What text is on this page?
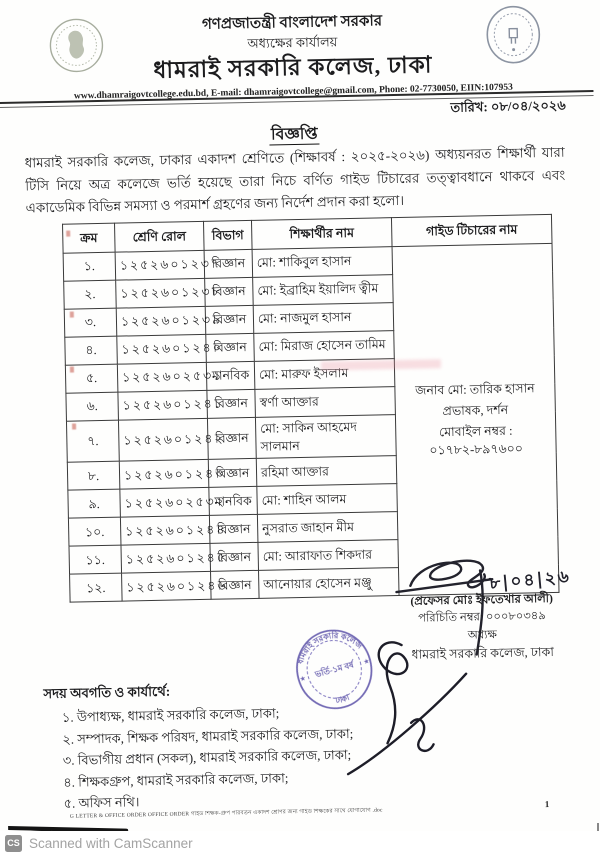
গণপ্রজাতন্ত্রী বাংলাদেশ সরকার
অধ্যক্ষের কার্যালয়
ধামরাই সরকারি কলেজ, ঢাকা
www.dhamraigovtcollege.edu.bd, E-mail: dhamraigovtcollege@gmail.com, Phone: 02-7730050, EIIN:107953
তারিখ: ০৮/০৪/২০২৬
বিজ্ঞপ্তি
ধামরাই সরকারি কলেজ, ঢাকার একাদশ শ্রেণিতে (শিক্ষাবর্ষ : ২০২৫-২০২৬) অধ্যয়নরত শিক্ষার্থী যারা টিসি নিয়ে অত্র কলেজে ভর্তি হয়েছে তারা নিচে বর্ণিত গাইড টিচারের তত্ত্বাবধানে থাকবে এবং একাডেমিক বিভিন্ন সমস্যা ও পরমার্শ গ্রহণের জন্য নির্দেশ প্রদান করা হলো।
ক্রম	শ্রেণি রোল	বিভাগ	শিক্ষার্থীর নাম	গাইড টিচারের নাম
১.	১২৫২৬০১২৩৭	বিজ্ঞান	মো: শাকিবুল হাসান	জনাব মো: তারিক হাসান
প্রভাষক, দর্শন
মোবাইল নম্বর : ০১৭৮২-৮৯৭৬০০

২.	১২৫২৬০১২৩৮	বিজ্ঞান	মো: ইব্রাহিম ইয়ালিদ ত্বীম	
৩.	১২৫২৬০১২৩৯	বিজ্ঞান	মো: নাজমুল হাসান	
৪.	১২৫২৬০১২৪০	বিজ্ঞান	মো: মিরাজ হোসেন তামিম	
৫.	১২৫২৬০২৫৩১	মানবিক	মো: মারুফ ইসলাম	
৬.	১২৫২৬০১২৪১	বিজ্ঞান	স্বর্ণা আক্তার	
৭.	১২৫২৬০১২৪২	বিজ্ঞান	মো: সাকিন আহমেদ সালমান	
৮.	১২৫২৬০১২৪৩	বিজ্ঞান	রহিমা আক্তার	
৯.	১২৫২৬০২৫৩২	মানবিক	মো: শাহিন আলম	
১০.	১২৫২৬০১২৪৪	বিজ্ঞান	নুসরাত জাহান মীম	
১১.	১২৫২৬০১২৪৫	বিজ্ঞান	মো: আরাফাত শিকদার	
১২.	১২৫২৬০১২৪৬	বিজ্ঞান	আনোয়ার হোসেন মঞ্জু		৮|০৪|২৬
(প্রফেসর মোঃ ইফতেখার আলী)
পরিচিতি নম্বর: ০০০৮০৩৪৯
অধ্যক্ষ
ধামরাই সরকারি কলেজ, ঢাকা
ধামরাই সরকারি কলেজ
ভর্তি-১ম বর্ষ
ঢাকা
★
★
সদয় অবগতি ও কার্যার্থে:
১. উপাধ্যক্ষ, ধামরাই সরকারি কলেজ, ঢাকা;
২. সম্পাদক, শিক্ষক পরিষদ, ধামরাই সরকারি কলেজ, ঢাকা;
৩. বিভাগীয় প্রধান (সকল), ধামরাই সরকারি কলেজ, ঢাকা;
৪. শিক্ষকগ্রুপ, ধামরাই সরকারি কলেজ, ঢাকা;
৫. অফিস নথি।
G LETTER & OFFICE ORDER OFFICE ORDER গাইড শিক্ষক-গ্রুপ পরিবর্তন একাদশ শ্রেণির জন্য গাইড শিক্ষকের সাথে যোগাযোগ .doc
1
CS Scanned with CamScanner
